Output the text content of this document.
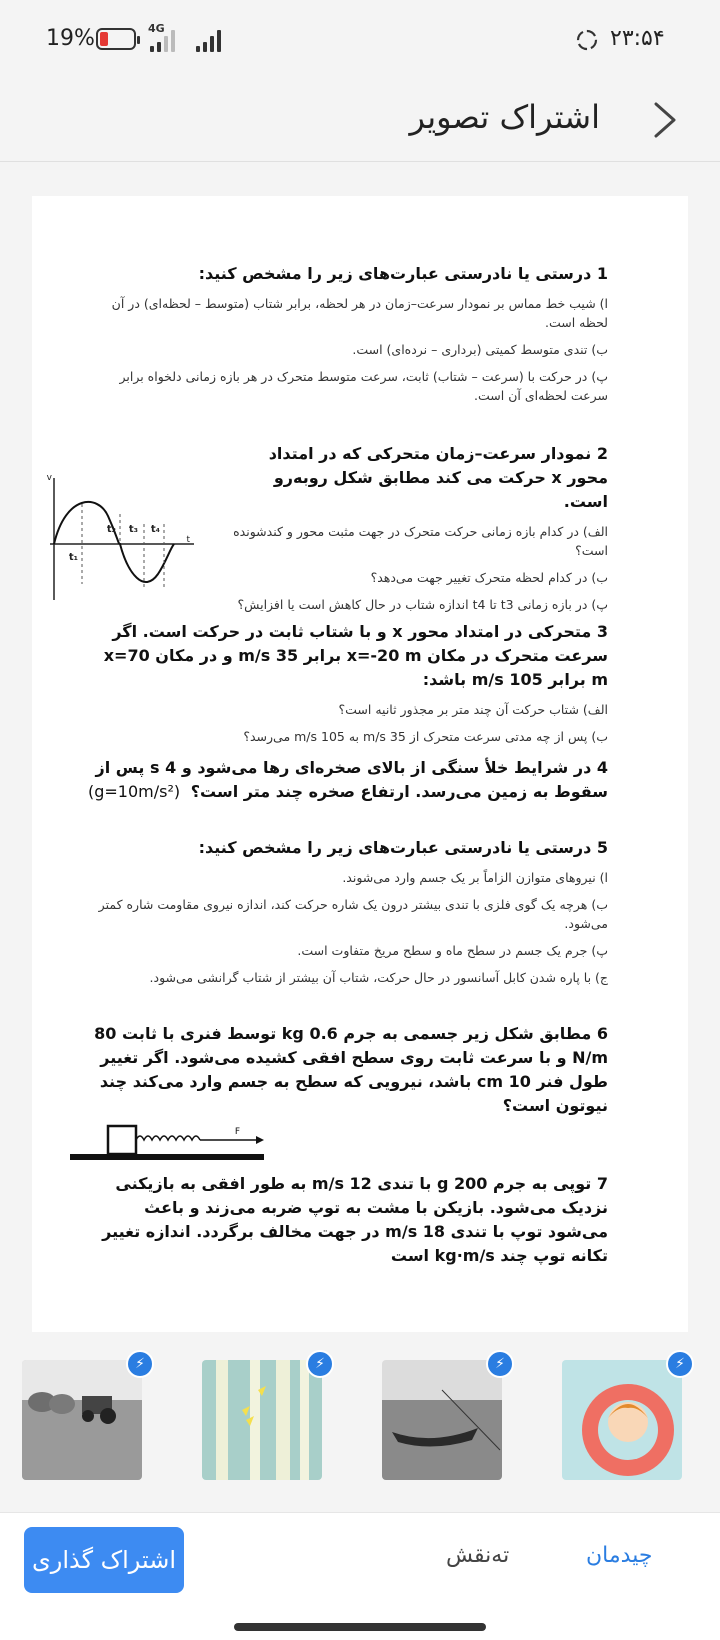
19%	4G	۲۳:۵۴
اشتراک تصویر
1 درستی یا نادرستی عبارت‌های زیر را مشخص کنید:
ا) شیب خط مماس بر نمودار سرعت–زمان در هر لحظه، برابر شتاب (متوسط – لحظه‌ای) در آن لحظه است.
ب) تندی متوسط کمیتی (برداری – نرده‌ای) است.
پ) در حرکت با (سرعت – شتاب) ثابت، سرعت متوسط متحرک در هر بازه زمانی دلخواه برابر سرعت لحظه‌ای آن است.
2 نمودار سرعت–زمان متحرکی که در امتداد محور x حرکت می کند مطابق شکل روبه‌رو است.
الف) در کدام بازه زمانی حرکت متحرک در جهت مثبت محور و کندشونده است؟
ب) در کدام لحظه متحرک تغییر جهت می‌دهد؟
پ) در بازه زمانی t3 تا t4 اندازه شتاب در حال کاهش است یا افزایش؟
v
t
t₁
t₂ t₃ t₄
3 متحرکی در امتداد محور x و با شتاب ثابت در حرکت است. اگر سرعت متحرک در مکان x=-20 m برابر 35 m/s و در مکان x=70 m برابر 105 m/s باشد:
الف) شتاب حرکت آن چند متر بر مجذور ثانیه است؟
ب) پس از چه مدتی سرعت متحرک از 35 m/s به 105 m/s می‌رسد؟
4 در شرایط خلأ سنگی از بالای صخره‌ای رها می‌شود و 4 s پس از سقوط به زمین می‌رسد. ارتفاع صخره چند متر است؟
(g=10m/s²)
5 درستی یا نادرستی عبارت‌های زیر را مشخص کنید:
ا) نیروهای متوازن الزاماً بر یک جسم وارد می‌شوند.
ب) هرچه یک گوی فلزی با تندی بیشتر درون یک شاره حرکت کند، اندازه نیروی مقاومت شاره کمتر می‌شود.
پ) جرم یک جسم در سطح ماه و سطح مریخ متفاوت است.
ج) با پاره شدن کابل آسانسور در حال حرکت، شتاب آن بیشتر از شتاب گرانشی می‌شود.
6 مطابق شکل زیر جسمی به جرم 0.6 kg توسط فنری با ثابت 80 N/m و با سرعت ثابت روی سطح افقی کشیده می‌شود. اگر تغییر طول فنر 10 cm باشد، نیرویی که سطح به جسم وارد می‌کند چند نیوتون است؟
F
7 توپی به جرم 200 g با تندی 12 m/s به طور افقی به بازیکنی نزدیک می‌شود. بازیکن با مشت به توپ ضربه می‌زند و باعث می‌شود توپ با تندی 18 m/s در جهت مخالف برگردد. اندازه تغییر تکانه توپ چند kg·m/s است
⚡	⚡	⚡	⚡
اشتراک گذاری	ته‌نقش	چیدمان
